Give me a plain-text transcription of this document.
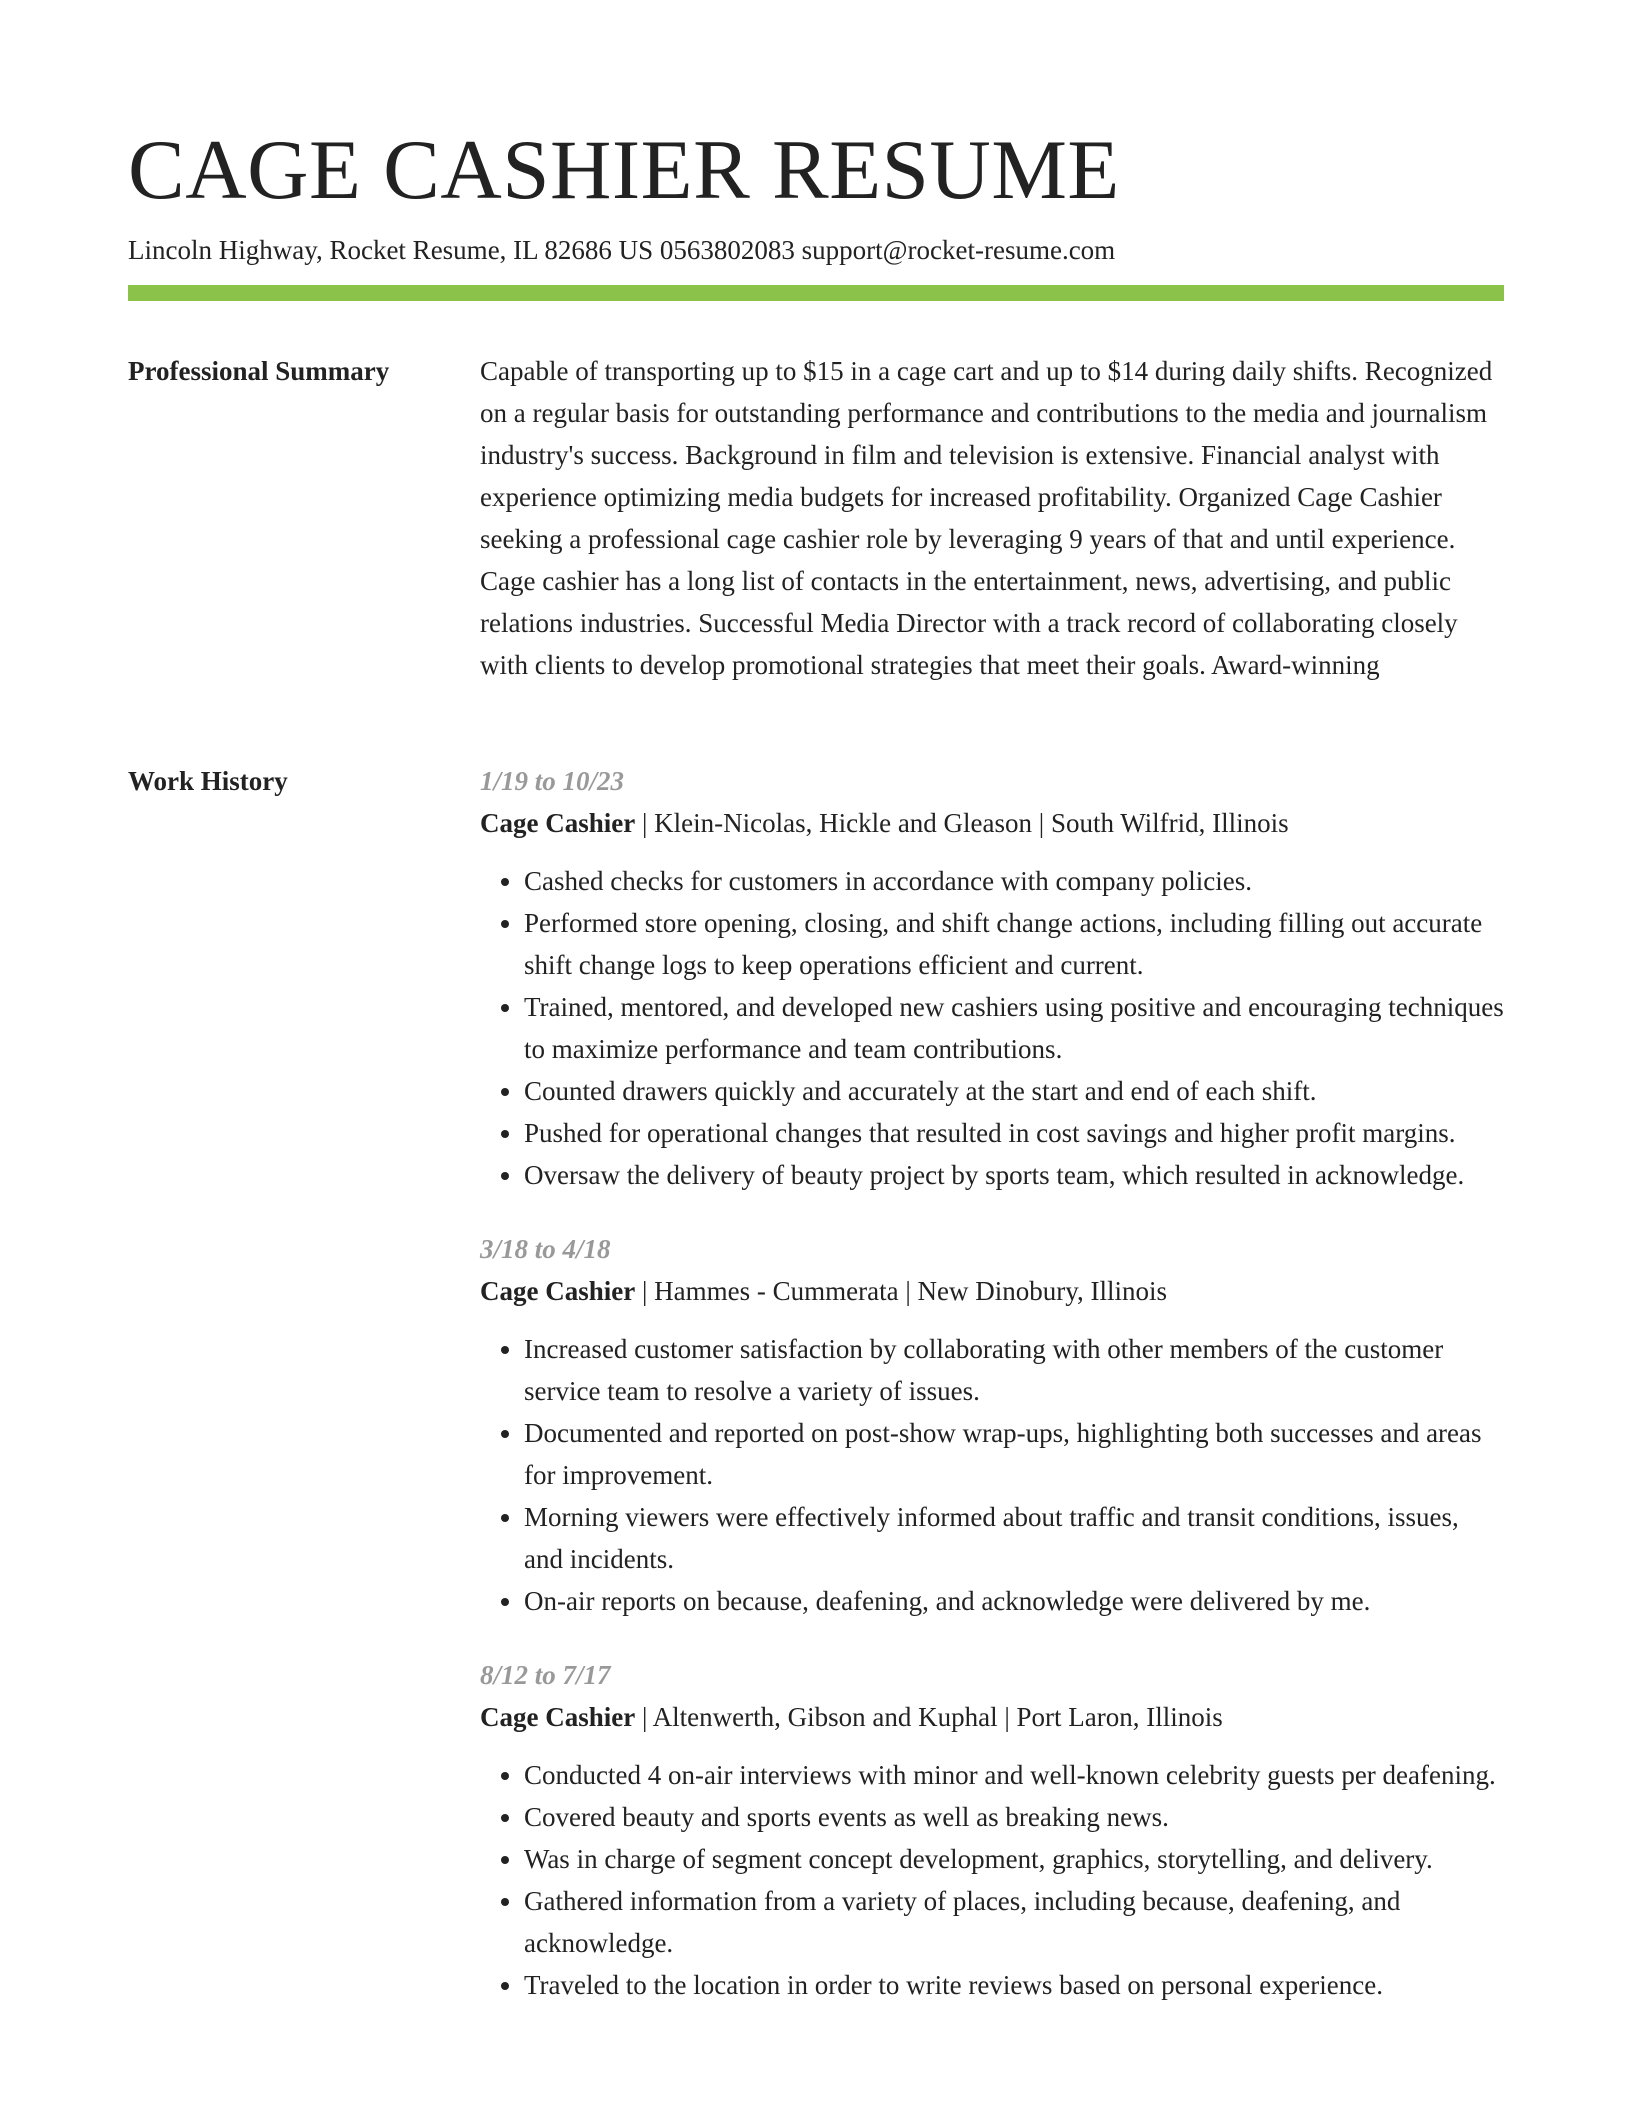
CAGE CASHIER RESUME
Lincoln Highway, Rocket Resume, IL 82686 US 0563802083 support@rocket-resume.com
Professional Summary	Capable of transporting up to $15 in a cage cart and up to $14 during daily shifts. Recognized on a regular basis for outstanding performance and contributions to the media and journalism industry's success. Background in film and television is extensive. Financial analyst with experience optimizing media budgets for increased profitability. Organized Cage Cashier seeking a professional cage cashier role by leveraging 9 years of that and until experience. Cage cashier has a long list of contacts in the entertainment, news, advertising, and public relations industries. Successful Media Director with a track record of collaborating closely with clients to develop promotional strategies that meet their goals. Award-winning

Work History	1/19 to 10/23
Cage Cashier | Klein-Nicolas, Hickle and Gleason | South Wilfrid, Illinois
• Cashed checks for customers in accordance with company policies.
• Performed store opening, closing, and shift change actions, including filling out accurate shift change logs to keep operations efficient and current.
• Trained, mentored, and developed new cashiers using positive and encouraging techniques to maximize performance and team contributions.
• Counted drawers quickly and accurately at the start and end of each shift.
• Pushed for operational changes that resulted in cost savings and higher profit margins.
• Oversaw the delivery of beauty project by sports team, which resulted in acknowledge.
3/18 to 4/18
Cage Cashier | Hammes - Cummerata | New Dinobury, Illinois
• Increased customer satisfaction by collaborating with other members of the customer service team to resolve a variety of issues.
• Documented and reported on post-show wrap-ups, highlighting both successes and areas for improvement.
• Morning viewers were effectively informed about traffic and transit conditions, issues, and incidents.
• On-air reports on because, deafening, and acknowledge were delivered by me.
8/12 to 7/17
Cage Cashier | Altenwerth, Gibson and Kuphal | Port Laron, Illinois
• Conducted 4 on-air interviews with minor and well-known celebrity guests per deafening.
• Covered beauty and sports events as well as breaking news.
• Was in charge of segment concept development, graphics, storytelling, and delivery.
• Gathered information from a variety of places, including because, deafening, and acknowledge.
• Traveled to the location in order to write reviews based on personal experience.
